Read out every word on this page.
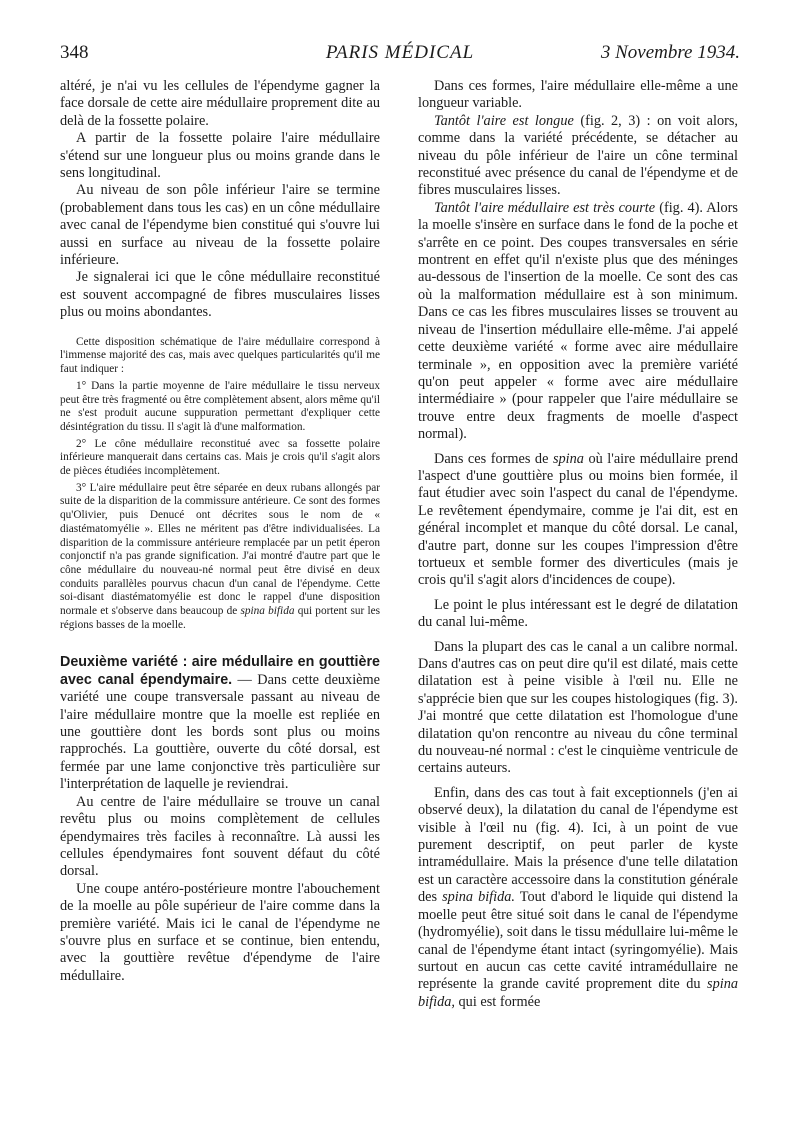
348	PARIS MÉDICAL	3 Novembre 1934.

altéré, je n'ai vu les cellules de l'épendyme gagner la face dorsale de cette aire médullaire proprement dite au delà de la fossette polaire.

A partir de la fossette polaire l'aire médullaire s'étend sur une longueur plus ou moins grande dans le sens longitudinal.

Au niveau de son pôle inférieur l'aire se termine (probablement dans tous les cas) en un cône médullaire avec canal de l'épendyme bien constitué qui s'ouvre lui aussi en surface au niveau de la fossette polaire inférieure.

Je signalerai ici que le cône médullaire reconstitué est souvent accompagné de fibres musculaires lisses plus ou moins abondantes.

Cette disposition schématique de l'aire médullaire correspond à l'immense majorité des cas, mais avec quelques particularités qu'il me faut indiquer :

1° Dans la partie moyenne de l'aire médullaire le tissu nerveux peut être très fragmenté ou être complètement absent, alors même qu'il ne s'est produit aucune suppuration permettant d'expliquer cette désintégration du tissu. Il s'agit là d'une malformation.

2° Le cône médullaire reconstitué avec sa fossette polaire inférieure manquerait dans certains cas. Mais je crois qu'il s'agit alors de pièces étudiées incomplètement.

3° L'aire médullaire peut être séparée en deux rubans allongés par suite de la disparition de la commissure antérieure. Ce sont des formes qu'Olivier, puis Denucé ont décrites sous le nom de « diastématomyélie ». Elles ne méritent pas d'être individualisées. La disparition de la commissure antérieure remplacée par un petit éperon conjonctif n'a pas grande signification. J'ai montré d'autre part que le cône médullaire du nouveau-né normal peut être divisé en deux conduits parallèles pourvus chacun d'un canal de l'épendyme. Cette soi-disant diastématomyélie est donc le rappel d'une disposition normale et s'observe dans beaucoup de spina bifida qui portent sur les régions basses de la moelle.

Deuxième variété : aire médullaire en gouttière avec canal épendymaire. — Dans cette deuxième variété une coupe transversale passant au niveau de l'aire médullaire montre que la moelle est repliée en une gouttière dont les bords sont plus ou moins rapprochés. La gouttière, ouverte du côté dorsal, est fermée par une lame conjonctive très particulière sur l'interprétation de laquelle je reviendrai.

Au centre de l'aire médullaire se trouve un canal revêtu plus ou moins complètement de cellules épendymaires très faciles à reconnaître. Là aussi les cellules épendymaires font souvent défaut du côté dorsal.

Une coupe antéro-postérieure montre l'abouchement de la moelle au pôle supérieur de l'aire comme dans la première variété. Mais ici le canal de l'épendyme ne s'ouvre plus en surface et se continue, bien entendu, avec la gouttière revêtue d'épendyme de l'aire médullaire.

Dans ces formes, l'aire médullaire elle-même a une longueur variable.

Tantôt l'aire est longue (fig. 2, 3) : on voit alors, comme dans la variété précédente, se détacher au niveau du pôle inférieur de l'aire un cône terminal reconstitué avec présence du canal de l'épendyme et de fibres musculaires lisses.

Tantôt l'aire médullaire est très courte (fig. 4). Alors la moelle s'insère en surface dans le fond de la poche et s'arrête en ce point. Des coupes transversales en série montrent en effet qu'il n'existe plus que des méninges au-dessous de l'insertion de la moelle. Ce sont des cas où la malformation médullaire est à son minimum. Dans ce cas les fibres musculaires lisses se trouvent au niveau de l'insertion médullaire elle-même. J'ai appelé cette deuxième variété « forme avec aire médullaire terminale », en opposition avec la première variété qu'on peut appeler « forme avec aire médullaire intermédiaire » (pour rappeler que l'aire médullaire se trouve entre deux fragments de moelle d'aspect normal).

Dans ces formes de spina où l'aire médullaire prend l'aspect d'une gouttière plus ou moins bien formée, il faut étudier avec soin l'aspect du canal de l'épendyme. Le revêtement épendymaire, comme je l'ai dit, est en général incomplet et manque du côté dorsal. Le canal, d'autre part, donne sur les coupes l'impression d'être tortueux et semble former des diverticules (mais je crois qu'il s'agit alors d'incidences de coupe).

Le point le plus intéressant est le degré de dilatation du canal lui-même.

Dans la plupart des cas le canal a un calibre normal. Dans d'autres cas on peut dire qu'il est dilaté, mais cette dilatation est à peine visible à l'œil nu. Elle ne s'apprécie bien que sur les coupes histologiques (fig. 3). J'ai montré que cette dilatation est l'homologue d'une dilatation qu'on rencontre au niveau du cône terminal du nouveau-né normal : c'est le cinquième ventricule de certains auteurs.

Enfin, dans des cas tout à fait exceptionnels (j'en ai observé deux), la dilatation du canal de l'épendyme est visible à l'œil nu (fig. 4). Ici, à un point de vue purement descriptif, on peut parler de kyste intramédullaire. Mais la présence d'une telle dilatation est un caractère accessoire dans la constitution générale des spina bifida. Tout d'abord le liquide qui distend la moelle peut être situé soit dans le canal de l'épendyme (hydromyélie), soit dans le tissu médullaire lui-même le canal de l'épendyme étant intact (syringomyélie). Mais surtout en aucun cas cette cavité intramédullaire ne représente la grande cavité proprement dite du spina bifida, qui est formée
